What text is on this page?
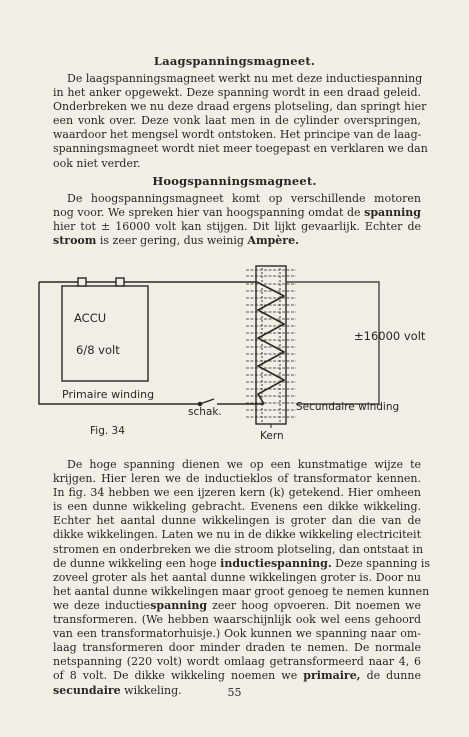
Laagspanningsmagneet.
De laagspanningsmagneet werkt nu met deze inductiespanning
in het anker opgewekt. Deze spanning wordt in een draad geleid.
Onderbreken we nu deze draad ergens plotseling, dan springt hier
een vonk over. Deze vonk laat men in de cylinder overspringen,
waardoor het mengsel wordt ontstoken. Het principe van de laag-
spanningsmagneet wordt niet meer toegepast en verklaren we dan
ook niet verder.
Hoogspanningsmagneet.
De hoogspanningsmagneet komt op verschillende motoren
nog voor. We spreken hier van hoogspanning omdat de spanning
hier tot ± 16000 volt kan stijgen. Dit lijkt gevaarlijk. Echter de
stroom is zeer gering, dus weinig Ampère.
ACCU
6/8 volt
±16000 volt
Primaire winding
schak.	Secundaire winding
Kern
Fig. 34
De hoge spanning dienen we op een kunstmatige wijze te
krijgen. Hier leren we de inductieklos of transformator kennen.
In fig. 34 hebben we een ijzeren kern (k) getekend. Hier omheen
is een dunne wikkeling gebracht. Evenens een dikke wikkeling.
Echter het aantal dunne wikkelingen is groter dan die van de
dikke wikkelingen. Laten we nu in de dikke wikkeling electriciteit
stromen en onderbreken we die stroom plotseling, dan ontstaat in
de dunne wikkeling een hoge inductiespanning. Deze spanning is
zoveel groter als het aantal dunne wikkelingen groter is. Door nu
het aantal dunne wikkelingen maar groot genoeg te nemen kunnen
we deze inductiespanning zeer hoog opvoeren. Dit noemen we
transformeren. (We hebben waarschijnlijk ook wel eens gehoord
van een transformatorhuisje.) Ook kunnen we spanning naar om-
laag transformeren door minder draden te nemen. De normale
netspanning (220 volt) wordt omlaag getransformeerd naar 4, 6
of 8 volt. De dikke wikkeling noemen we primaire, de dunne
secundaire wikkeling.	55
